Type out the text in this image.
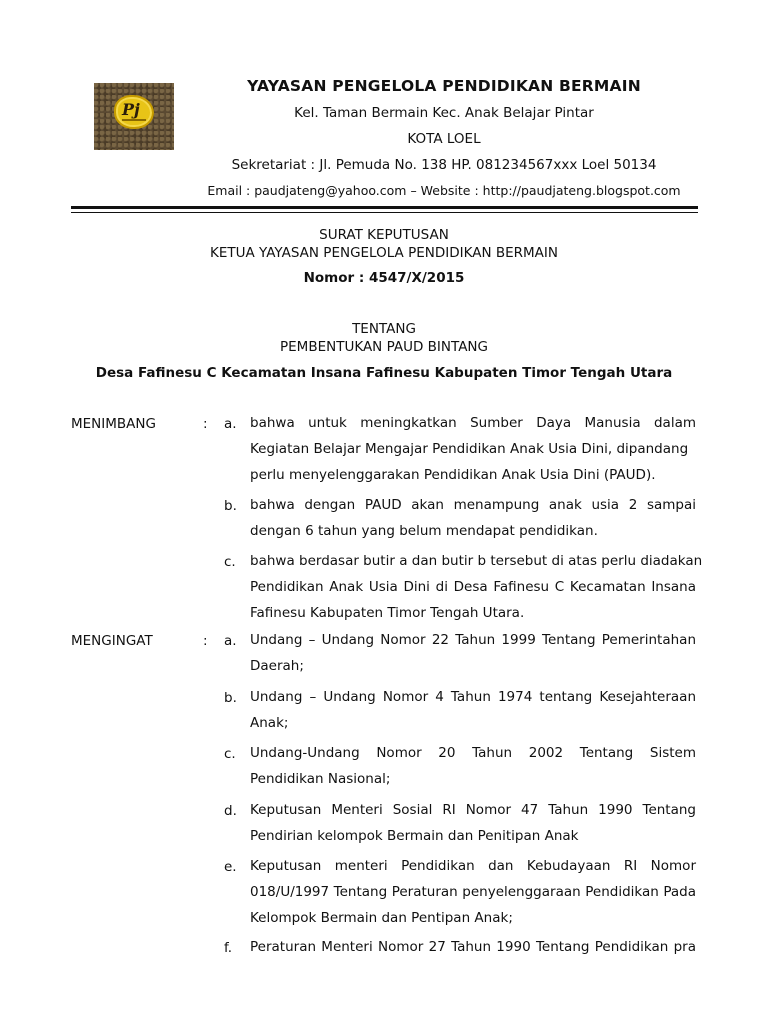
Pj
YAYASAN PENGELOLA PENDIDIKAN BERMAIN
Kel. Taman Bermain Kec. Anak Belajar Pintar
KOTA LOEL
Sekretariat : Jl. Pemuda No. 138 HP. 081234567xxx Loel 50134
Email : paudjateng@yahoo.com – Website : http://paudjateng.blogspot.com
SURAT KEPUTUSAN
KETUA YAYASAN PENGELOLA PENDIDIKAN BERMAIN
Nomor : 4547/X/2015
TENTANG
PEMBENTUKAN PAUD BINTANG
Desa Fafinesu C Kecamatan Insana Fafinesu Kabupaten Timor Tengah Utara
MENIMBANG	: a. bahwa untuk meningkatkan Sumber Daya Manusia dalam
Kegiatan Belajar Mengajar Pendidikan Anak Usia Dini, dipandang
perlu menyelenggarakan Pendidikan Anak Usia Dini (PAUD).
b. bahwa dengan PAUD akan menampung anak usia 2 sampai
dengan 6 tahun yang belum mendapat pendidikan.
c. bahwa berdasar butir a dan butir b tersebut di atas perlu diadakan
Pendidikan Anak Usia Dini di Desa Fafinesu C Kecamatan Insana
Fafinesu Kabupaten Timor Tengah Utara.
MENGINGAT	: a. Undang – Undang Nomor 22 Tahun 1999 Tentang Pemerintahan
Daerah;
b. Undang – Undang Nomor 4 Tahun 1974 tentang Kesejahteraan
Anak;
c. Undang-Undang Nomor 20 Tahun 2002 Tentang Sistem
Pendidikan Nasional;
d. Keputusan Menteri Sosial RI Nomor 47 Tahun 1990 Tentang
Pendirian kelompok Bermain dan Penitipan Anak
e. Keputusan menteri Pendidikan dan Kebudayaan RI Nomor
018/U/1997 Tentang Peraturan penyelenggaraan Pendidikan Pada
Kelompok Bermain dan Pentipan Anak;
f. Peraturan Menteri Nomor 27 Tahun 1990 Tentang Pendidikan pra
